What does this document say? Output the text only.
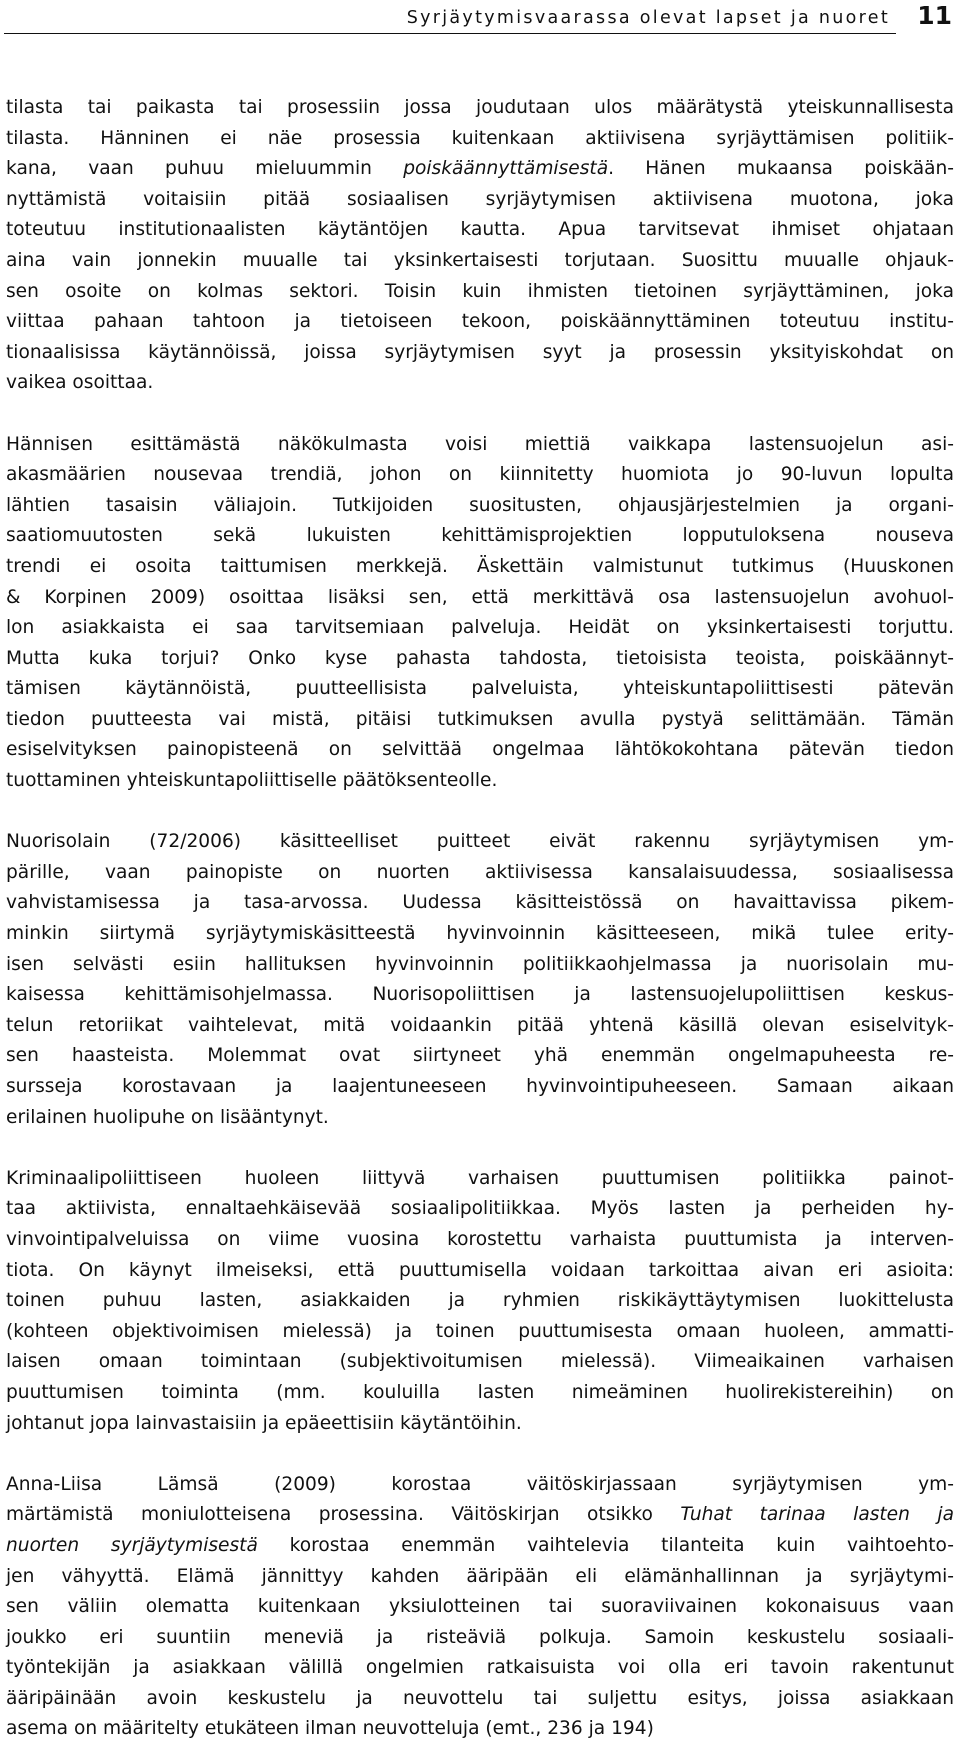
Syrjäytymisvaarassa olevat lapset ja nuoret 11
tilasta tai paikasta tai prosessiin jossa joudutaan ulos määrätystä yteiskunnallisesta
tilasta. Hänninen ei näe prosessia kuitenkaan aktiivisena syrjäyttämisen politiik-
kana, vaan puhuu mieluummin poiskäännyttämisestä. Hänen mukaansa poiskään-
nyttämistä voitaisiin pitää sosiaalisen syrjäytymisen aktiivisena muotona, joka
toteutuu institutionaalisten käytäntöjen kautta. Apua tarvitsevat ihmiset ohjataan
aina vain jonnekin muualle tai yksinkertaisesti torjutaan. Suosittu muualle ohjauk-
sen osoite on kolmas sektori. Toisin kuin ihmisten tietoinen syrjäyttäminen, joka
viittaa pahaan tahtoon ja tietoiseen tekoon, poiskäännyttäminen toteutuu institu-
tionaalisissa käytännöissä, joissa syrjäytymisen syyt ja prosessin yksityiskohdat on
vaikea osoittaa.
Hännisen esittämästä näkökulmasta voisi miettiä vaikkapa lastensuojelun asi-
akasmäärien nousevaa trendiä, johon on kiinnitetty huomiota jo 90-luvun lopulta
lähtien tasaisin väliajoin. Tutkijoiden suositusten, ohjausjärjestelmien ja organi-
saatiomuutosten sekä lukuisten kehittämisprojektien lopputuloksena nouseva
trendi ei osoita taittumisen merkkejä. Äskettäin valmistunut tutkimus (Huuskonen
& Korpinen 2009) osoittaa lisäksi sen, että merkittävä osa lastensuojelun avohuol-
lon asiakkaista ei saa tarvitsemiaan palveluja. Heidät on yksinkertaisesti torjuttu.
Mutta kuka torjui? Onko kyse pahasta tahdosta, tietoisista teoista, poiskäännyt-
tämisen käytännöistä, puutteellisista palveluista, yhteiskuntapoliittisesti pätevän
tiedon puutteesta vai mistä, pitäisi tutkimuksen avulla pystyä selittämään. Tämän
esiselvityksen painopisteenä on selvittää ongelmaa lähtökokohtana pätevän tiedon
tuottaminen yhteiskuntapoliittiselle päätöksenteolle.
Nuorisolain (72/2006) käsitteelliset puitteet eivät rakennu syrjäytymisen ym-
pärille, vaan painopiste on nuorten aktiivisessa kansalaisuudessa, sosiaalisessa
vahvistamisessa ja tasa-arvossa. Uudessa käsitteistössä on havaittavissa pikem-
minkin siirtymä syrjäytymiskäsitteestä hyvinvoinnin käsitteeseen, mikä tulee erity-
isen selvästi esiin hallituksen hyvinvoinnin politiikkaohjelmassa ja nuorisolain mu-
kaisessa kehittämisohjelmassa. Nuorisopoliittisen ja lastensuojelupoliittisen keskus-
telun retoriikat vaihtelevat, mitä voidaankin pitää yhtenä käsillä olevan esiselvityk-
sen haasteista. Molemmat ovat siirtyneet yhä enemmän ongelmapuheesta re-
sursseja korostavaan ja laajentuneeseen hyvinvointipuheeseen. Samaan aikaan
erilainen huolipuhe on lisääntynyt.
Kriminaalipoliittiseen huoleen liittyvä varhaisen puuttumisen politiikka painot-
taa aktiivista, ennaltaehkäisevää sosiaalipolitiikkaa. Myös lasten ja perheiden hy-
vinvointipalveluissa on viime vuosina korostettu varhaista puuttumista ja interven-
tiota. On käynyt ilmeiseksi, että puuttumisella voidaan tarkoittaa aivan eri asioita:
toinen puhuu lasten, asiakkaiden ja ryhmien riskikäyttäytymisen luokittelusta
(kohteen objektivoimisen mielessä) ja toinen puuttumisesta omaan huoleen, ammatti-
laisen omaan toimintaan (subjektivoitumisen mielessä). Viimeaikainen varhaisen
puuttumisen toiminta (mm. kouluilla lasten nimeäminen huolirekistereihin) on
johtanut jopa lainvastaisiin ja epäeettisiin käytäntöihin.
Anna-Liisa Lämsä (2009) korostaa väitöskirjassaan syrjäytymisen ym-
märtämistä moniulotteisena prosessina. Väitöskirjan otsikko Tuhat tarinaa lasten ja
nuorten syrjäytymisestä korostaa enemmän vaihtelevia tilanteita kuin vaihtoehto-
jen vähyyttä. Elämä jännittyy kahden ääripään eli elämänhallinnan ja syrjäytymi-
sen väliin olematta kuitenkaan yksiulotteinen tai suoraviivainen kokonaisuus vaan
joukko eri suuntiin meneviä ja risteäviä polkuja. Samoin keskustelu sosiaali-
työntekijän ja asiakkaan välillä ongelmien ratkaisuista voi olla eri tavoin rakentunut
ääripäinään avoin keskustelu ja neuvottelu tai suljettu esitys, joissa asiakkaan
asema on määritelty etukäteen ilman neuvotteluja (emt., 236 ja 194)
